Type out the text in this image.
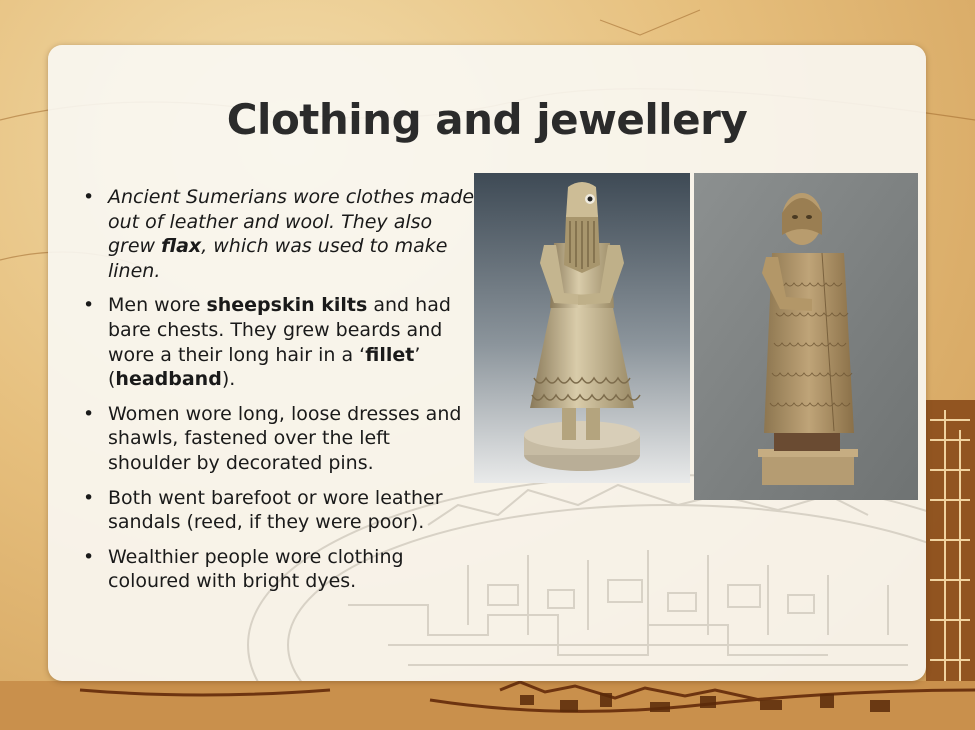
Clothing and jewellery
• Ancient Sumerians wore clothes made out of leather and wool. They also grew flax, which was used to make linen.
• Men wore sheepskin kilts and had bare chests. They grew beards and wore a their long hair in a ‘fillet’ (headband).
• Women wore long, loose dresses and shawls, fastened over the left shoulder by decorated pins.
• Both went barefoot or wore leather sandals (reed, if they were poor).
• Wealthier people wore clothing coloured with bright dyes.
